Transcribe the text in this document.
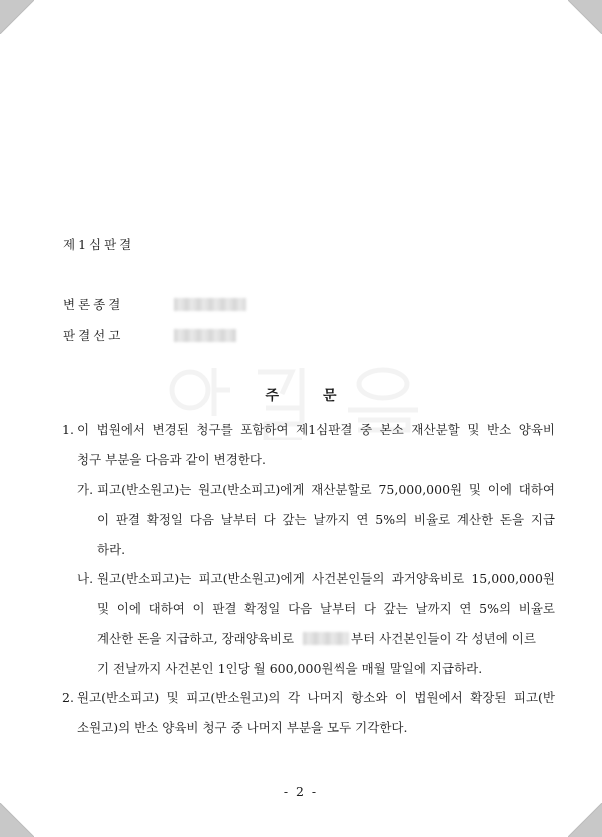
제1심판결
변론종결
판결선고
주	문
1. 이 법원에서 변경된 청구를 포함하여 제1심판결 중 본소 재산분할 및 반소 양육비
청구 부분을 다음과 같이 변경한다.
가. 피고(반소원고)는 원고(반소피고)에게 재산분할로 75,000,000원 및 이에 대하여
이 판결 확정일 다음 날부터 다 갚는 날까지 연 5%의 비율로 계산한 돈을 지급
하라.
나. 원고(반소피고)는 피고(반소원고)에게 사건본인들의 과거양육비로 15,000,000원
및 이에 대하여 이 판결 확정일 다음 날부터 다 갚는 날까지 연 5%의 비율로
계산한 돈을 지급하고, 장래양육비로	부터 사건본인들이 각 성년에 이르
기 전날까지 사건본인 1인당 월 600,000원씩을 매월 말일에 지급하라.
2. 원고(반소피고) 및 피고(반소원고)의 각 나머지 항소와 이 법원에서 확장된 피고(반
소원고)의 반소 양육비 청구 중 나머지 부분을 모두 기각한다.
- 2 -
